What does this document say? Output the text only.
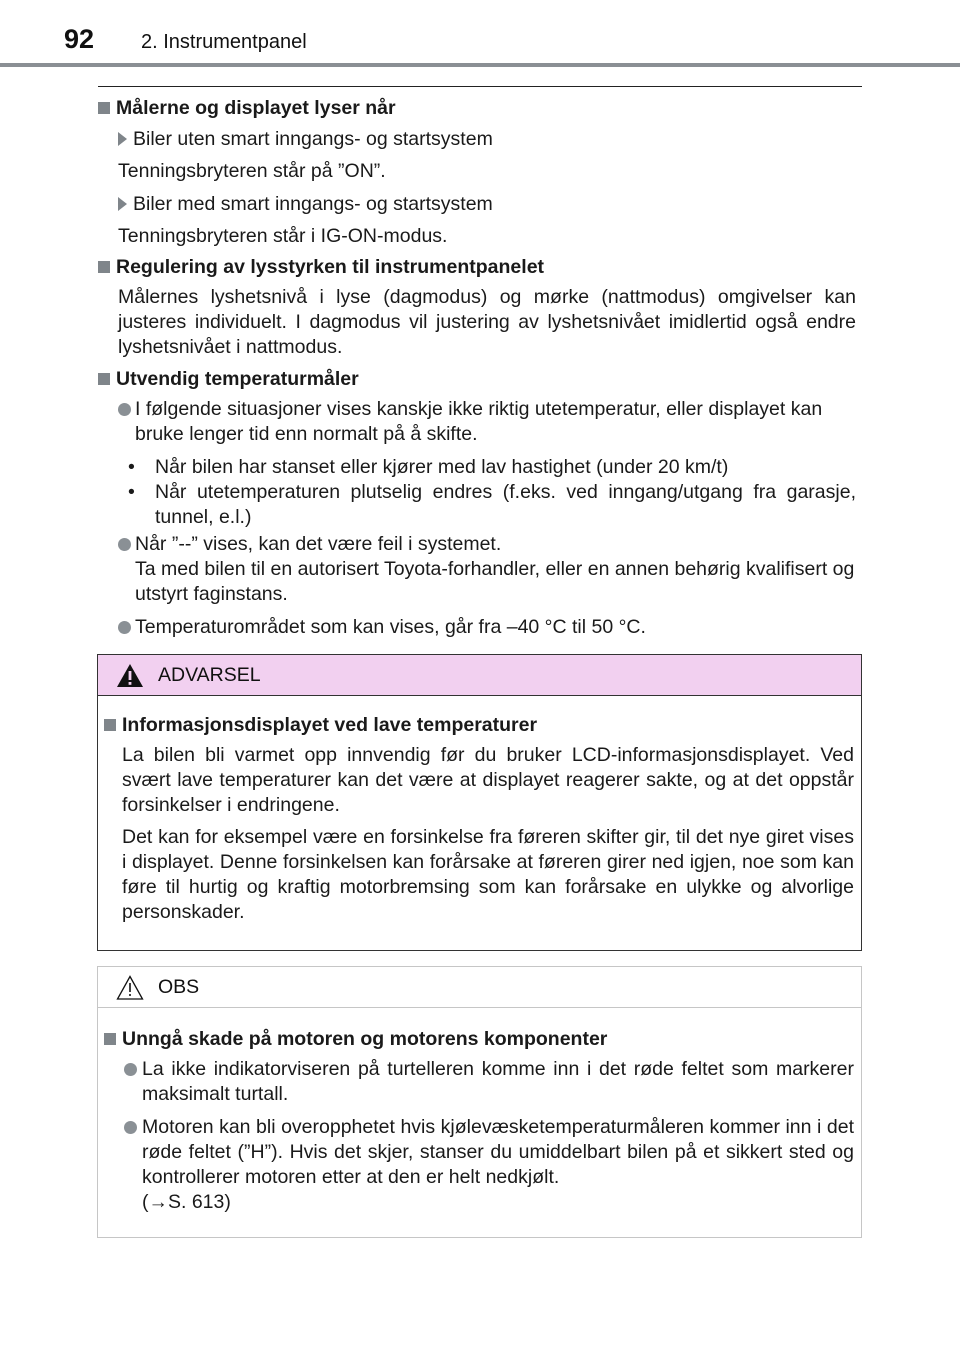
92 2. Instrumentpanel
Målerne og displayet lyser når
Biler uten smart inngangs- og startsystem
Tenningsbryteren står på ”ON”.
Biler med smart inngangs- og startsystem
Tenningsbryteren står i IG-ON-modus.
Regulering av lysstyrken til instrumentpanelet
Målernes lyshetsnivå i lyse (dagmodus) og mørke (nattmodus) omgivelser kan justeres individuelt. I dagmodus vil justering av lyshetsnivået imidlertid også endre lyshetsnivået i nattmodus.
Utvendig temperaturmåler
I følgende situasjoner vises kanskje ikke riktig utetemperatur, eller displayet kan bruke lenger tid enn normalt på å skifte.
• Når bilen har stanset eller kjører med lav hastighet (under 20 km/t)
• Når utetemperaturen plutselig endres (f.eks. ved inngang/utgang fra garasje, tunnel, e.l.)
Når ”--” vises, kan det være feil i systemet.
Ta med bilen til en autorisert Toyota-forhandler, eller en annen behørig kvalifisert og utstyrt faginstans.
Temperaturområdet som kan vises, går fra –40 °C til 50 °C.
ADVARSEL
Informasjonsdisplayet ved lave temperaturer
La bilen bli varmet opp innvendig før du bruker LCD-informasjonsdisplayet. Ved svært lave temperaturer kan det være at displayet reagerer sakte, og at det oppstår forsinkelser i endringene.
Det kan for eksempel være en forsinkelse fra føreren skifter gir, til det nye giret vises i displayet. Denne forsinkelsen kan forårsake at føreren girer ned igjen, noe som kan føre til hurtig og kraftig motorbremsing som kan forårsake en ulykke og alvorlige personskader.
OBS
Unngå skade på motoren og motorens komponenter
La ikke indikatorviseren på turtelleren komme inn i det røde feltet som markerer maksimalt turtall.
Motoren kan bli overopphetet hvis kjølevæsketemperaturmåleren kommer inn i det røde feltet (”H”). Hvis det skjer, stanser du umiddelbart bilen på et sikkert sted og kontrollerer motoren etter at den er helt nedkjølt.
(→S. 613)
